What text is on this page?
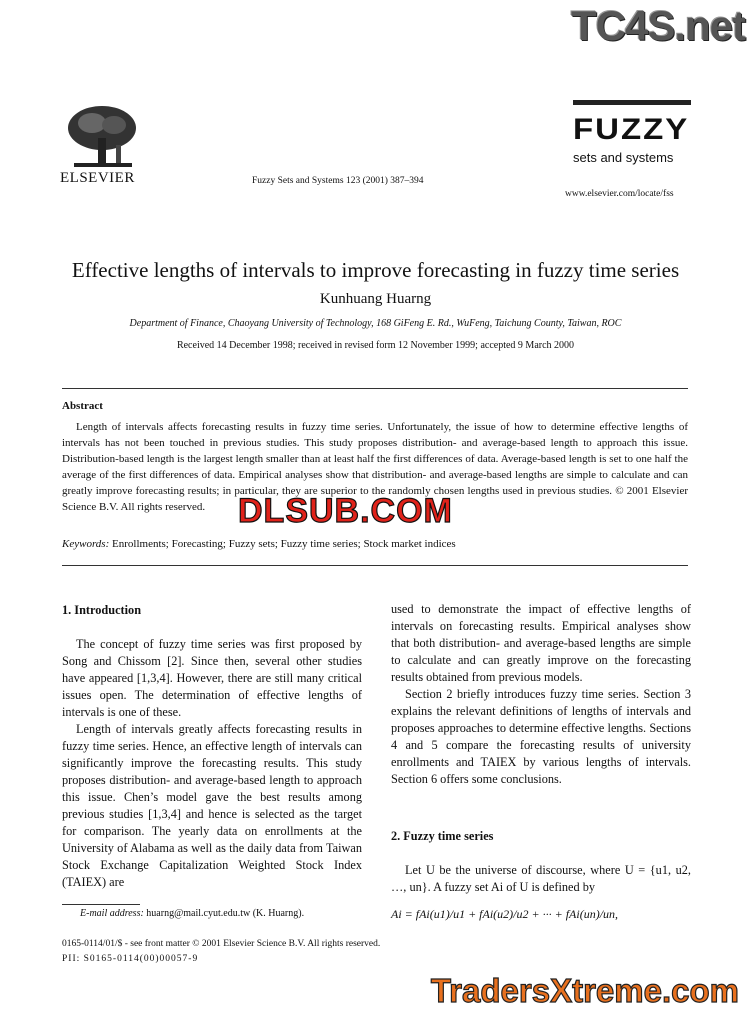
TC4S.net
ELSEVIER	Fuzzy Sets and Systems 123 (2001) 387–394
FUZZY
sets and systems
www.elsevier.com/locate/fss
Effective lengths of intervals to improve forecasting in fuzzy time series
Kunhuang Huarng
Department of Finance, Chaoyang University of Technology, 168 GiFeng E. Rd., WuFeng, Taichung County, Taiwan, ROC
Received 14 December 1998; received in revised form 12 November 1999; accepted 9 March 2000
Abstract
Length of intervals affects forecasting results in fuzzy time series. Unfortunately, the issue of how to determine effective lengths of intervals has not been touched in previous studies. This study proposes distribution- and average-based length to approach this issue. Distribution-based length is the largest length smaller than at least half the first differences of data. Average-based length is set to one half the average of the first differences of data. Empirical analyses show that distribution- and average-based lengths are simple to calculate and can greatly improve forecasting results; in particular, they are superior to the randomly chosen lengths used in previous studies. © 2001 Elsevier Science B.V. All rights reserved.
Keywords: Enrollments; Forecasting; Fuzzy sets; Fuzzy time series; Stock market indices
DLSUB.COM
1. Introduction

The concept of fuzzy time series was first proposed by Song and Chissom [2]. Since then, several other studies have appeared [1,3,4]. However, there are still many critical issues open. The determination of effective lengths of intervals is one of these.

Length of intervals greatly affects forecasting results in fuzzy time series. Hence, an effective length of intervals can significantly improve the forecasting results. This study proposes distribution- and average-based length to approach this issue. Chen’s model gave the best results among previous studies [1,3,4] and hence is selected as the target for comparison. The yearly data on enrollments at the University of Alabama as well as the daily data from Taiwan Stock Exchange Capitalization Weighted Stock Index (TAIEX) are

used to demonstrate the impact of effective lengths of intervals on forecasting results. Empirical analyses show that both distribution- and average-based lengths are simple to calculate and can greatly improve on the forecasting results obtained from previous models.

Section 2 briefly introduces fuzzy time series. Section 3 explains the relevant definitions of lengths of intervals and proposes approaches to determine effective lengths. Sections 4 and 5 compare the forecasting results of university enrollments and TAIEX by various lengths of intervals. Section 6 offers some conclusions.

2. Fuzzy time series

Let U be the universe of discourse, where U = {u1, u2, …, un}. A fuzzy set Ai of U is defined by

Ai = fAi(u1)/u1 + fAi(u2)/u2 + ··· + fAi(un)/un,
E-mail address: huarng@mail.cyut.edu.tw (K. Huarng).
0165-0114/01/$ - see front matter © 2001 Elsevier Science B.V. All rights reserved.
PII: S0165-0114(00)00057-9
TradersXtreme.com
